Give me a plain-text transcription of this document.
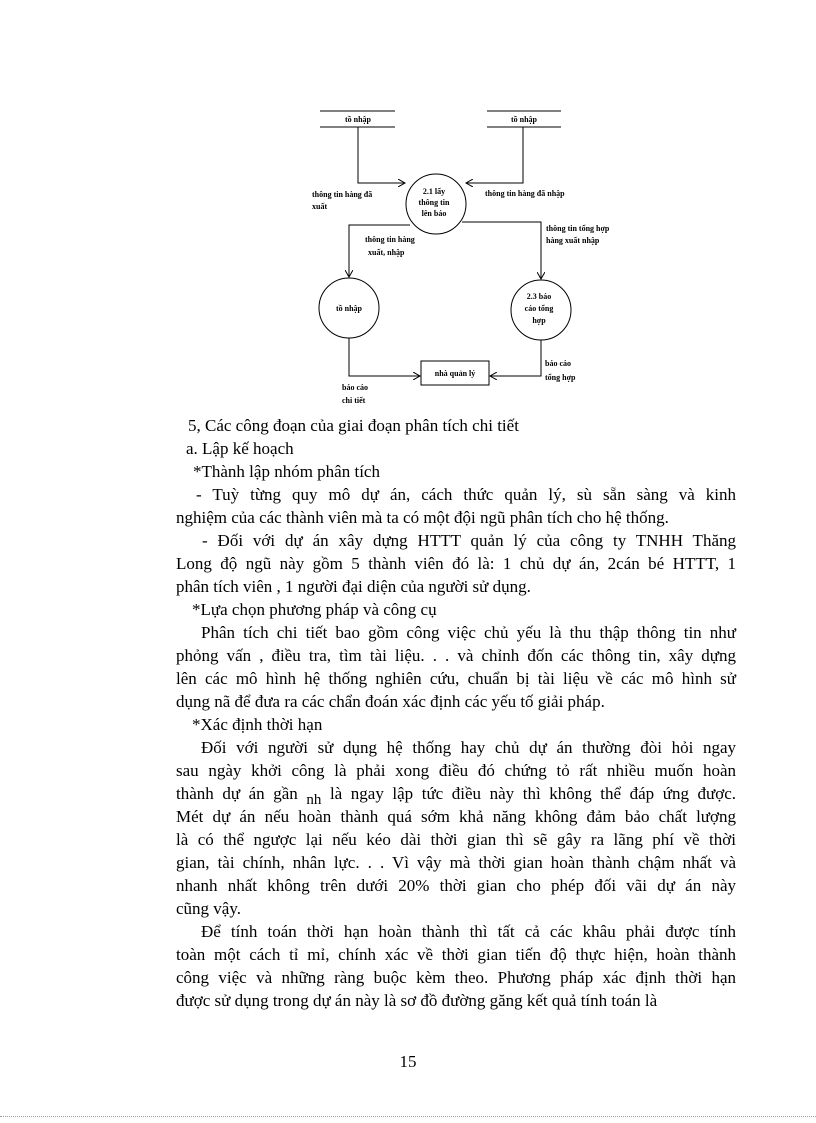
tồ nhập	tồ nhập
2.1 lấy
thông tin
lên báo
tồ nhập
2.3 báo
cáo tổng
hợp
nhà quản lý
thông tin hàng đã
xuất
thông tin hàng đã nhập
thông tin hàng
xuất, nhập
thông tin tổng hợp
hàng xuất nhập
báo cáo
chi tiết
báo cáo
tổng hợp
5, Các công đoạn của giai đoạn phân tích chi tiết
a. Lập kế hoạch
*Thành lập nhóm phân tích
- Tuỳ từng quy mô dự án, cách thức quản lý, sù sẵn sàng và kinh
nghiệm của các thành viên mà ta có một đội ngũ phân tích cho hệ thống.
- Đối với dự án xây dựng HTTT quản lý của công ty TNHH Thăng
Long độ ngũ này gồm 5 thành viên đó là: 1 chủ dự án, 2cán bé HTTT, 1
phân tích viên , 1 người đại diện của người sử dụng.
*Lựa chọn phương pháp và công cụ
Phân tích chi tiết bao gồm công việc chủ yếu là thu thập thông tin như
phỏng vấn , điều tra, tìm tài liệu. . . và chỉnh đốn các thông tin, xây dựng
lên các mô hình hệ thống nghiên cứu, chuẩn bị tài liệu về các mô hình sử
dụng nã để đưa ra các chẩn đoán xác định các yếu tố giải pháp.
*Xác định thời hạn
Đối với người sử dụng hệ thống hay chủ dự án thường đòi hỏi ngay
sau ngày khởi công là phải xong điều đó chứng tỏ rất nhiều muốn hoàn
thành dự án gần $_{nh}$ là ngay lập tức điều này thì không thể đáp ứng được.
Mét dự án nếu hoàn thành quá sớm khả năng không đảm bảo chất lượng
là có thể ngược lại nếu kéo dài thời gian thì sẽ gây ra lãng phí về thời
gian, tài chính, nhân lực. . . Vì vậy mà thời gian hoàn thành chậm nhất và
nhanh nhất không trên dưới 20% thời gian cho phép đối vãi dự án này
cũng vậy.
Để tính toán thời hạn hoàn thành thì tất cả các khâu phải được tính
toàn một cách tỉ mỉ, chính xác về thời gian tiến độ thực hiện, hoàn thành
công việc và những ràng buộc kèm theo. Phương pháp xác định thời hạn
được sử dụng trong dự án này là sơ đồ đường găng kết quả tính toán là
15
